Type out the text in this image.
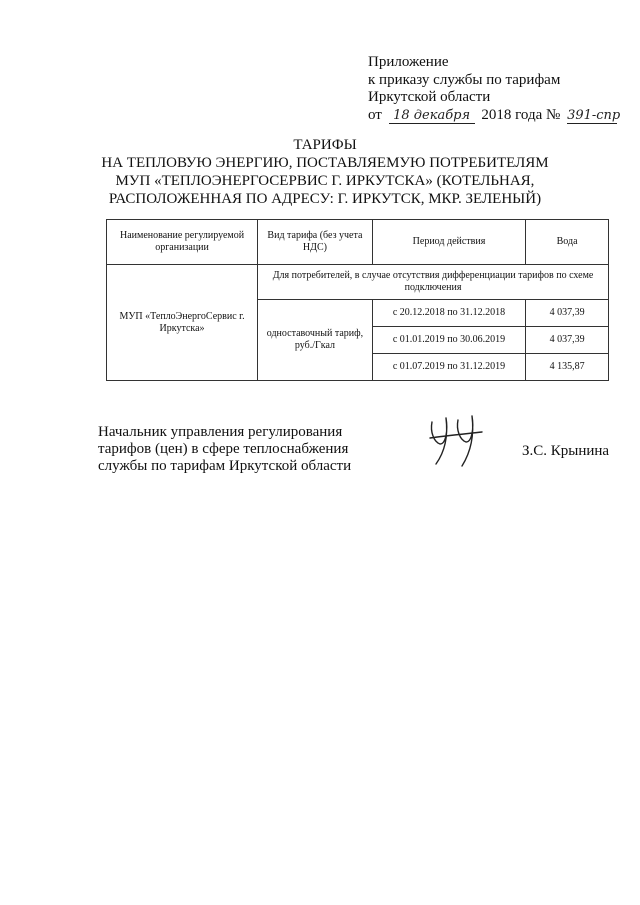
Приложение
к приказу службы по тарифам
Иркутской области
от 18 декабря 2018 года № 391-спр
ТАРИФЫ
НА ТЕПЛОВУЮ ЭНЕРГИЮ, ПОСТАВЛЯЕМУЮ ПОТРЕБИТЕЛЯМ
МУП «ТЕПЛОЭНЕРГОСЕРВИС Г. ИРКУТСКА» (КОТЕЛЬНАЯ,
РАСПОЛОЖЕННАЯ ПО АДРЕСУ: Г. ИРКУТСК, МКР. ЗЕЛЕНЫЙ)
Наименование регулируемой организации	Вид тарифа (без учета НДС)	Период действия	Вода
МУП «ТеплоЭнергоСервис г. Иркутска»	Для потребителей, в случае отсутствия дифференциации тарифов по схеме подключения		
	одноставочный тариф, руб./Гкал	с 20.12.2018 по 31.12.2018	4 037,39
		с 01.01.2019 по 30.06.2019	4 037,39
		с 01.07.2019 по 31.12.2019	4 135,87
Начальник управления регулирования
тарифов (цен) в сфере теплоснабжения
службы по тарифам Иркутской области
З.С. Крынина
